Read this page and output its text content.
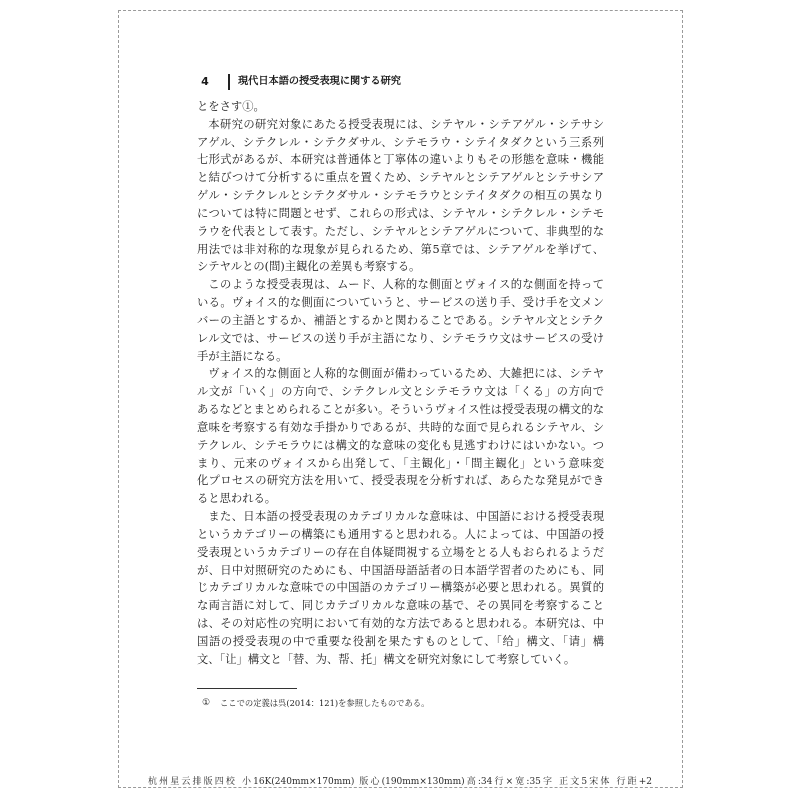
4	現代日本語の授受表現に関する研究
とをさす①。
本研究の研究対象にあたる授受表現には、シテヤル・シテアゲル・シテサシ
アゲル、シテクレル・シテクダサル、シテモラウ・シテイタダクという三系列
七形式があるが、本研究は普通体と丁寧体の違いよりもその形態を意味・機能
と結びつけて分析するに重点を置くため、シテヤルとシテアゲルとシテサシア
ゲル・シテクレルとシテクダサル・シテモラウとシテイタダクの相互の異なり
については特に問題とせず、これらの形式は、シテヤル・シテクレル・シテモ
ラウを代表として表す。ただし、シテヤルとシテアゲルについて、非典型的な
用法では非対称的な現象が見られるため、第5章では、シテアゲルを挙げて、
シテヤルとの(間)主観化の差異も考察する。
このような授受表現は、ムード、人称的な側面とヴォイス的な側面を持って
いる。ヴォイス的な側面についていうと、サービスの送り手、受け手を文メン
バーの主語とするか、補語とするかと関わることである。シテヤル文とシテク
レル文では、サービスの送り手が主語になり、シテモラウ文はサービスの受け
手が主語になる。
ヴォイス的な側面と人称的な側面が備わっているため、大雑把には、シテヤ
ル文が「いく」の方向で、シテクレル文とシテモラウ文は「くる」の方向で
あるなどとまとめられることが多い。そういうヴォイス性は授受表現の構文的な
意味を考察する有効な手掛かりであるが、共時的な面で見られるシテヤル、シ
テクレル、シテモラウには構文的な意味の変化も見逃すわけにはいかない。つ
まり、元来のヴォイスから出発して、「主観化」・「間主観化」という意味変
化プロセスの研究方法を用いて、授受表現を分析すれば、あらたな発見ができ
ると思われる。
また、日本語の授受表現のカテゴリカルな意味は、中国語における授受表現
というカテゴリーの構築にも通用すると思われる。人によっては、中国語の授
受表現というカテゴリーの存在自体疑問視する立場をとる人もおられるようだ
が、日中対照研究のためにも、中国語母語話者の日本語学習者のためにも、同
じカテゴリカルな意味での中国語のカテゴリー構築が必要と思われる。異質的
な両言語に対して、同じカテゴリカルな意味の基で、その異同を考察すること
は、その対応性の究明において有効的な方法であると思われる。本研究は、中
国語の授受表現の中で重要な役割を果たすものとして、「给」構文、「请」構
文、「让」構文と「替、为、帮、托」構文を研究対象にして考察していく。
①	ここでの定義は呉(2014：121)を参照したものである。
杭州星云排版四校 小16K(240mm×170mm) 版心(190mm×130mm)高:34行×宽:35字 正文5宋体 行距+2
